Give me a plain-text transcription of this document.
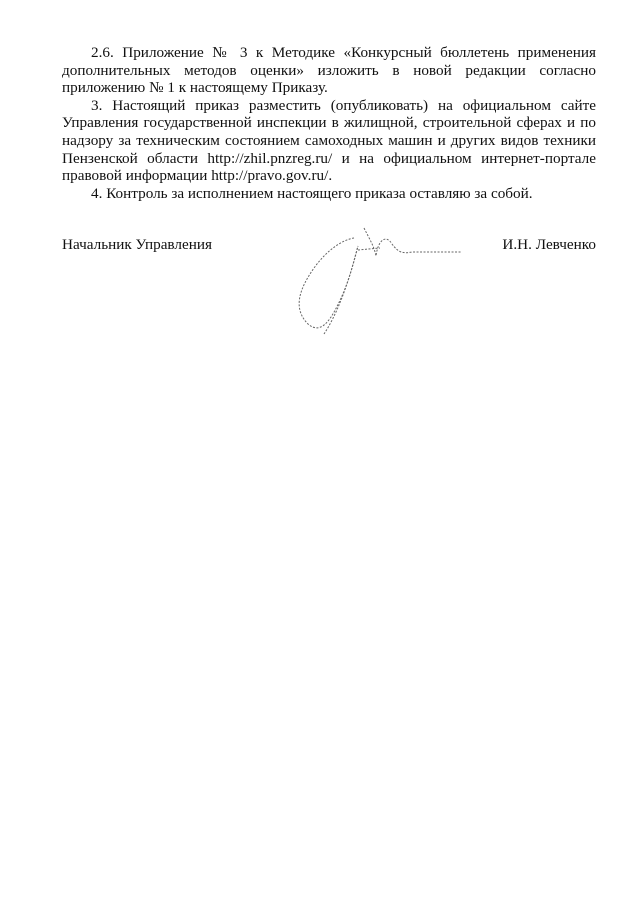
2.6. Приложение № 3 к Методике «Конкурсный бюллетень применения дополнительных методов оценки» изложить в новой редакции согласно приложению № 1 к настоящему Приказу.

3. Настоящий приказ разместить (опубликовать) на официальном сайте Управления государственной инспекции в жилищной, строительной сферах и по надзору за техническим состоянием самоходных машин и других видов техники Пензенской области http://zhil.pnzreg.ru/ и на официальном интернет-портале правовой информации http://pravo.gov.ru/.

4. Контроль за исполнением настоящего приказа оставляю за собой.

Начальник Управления	И.Н. Левченко
